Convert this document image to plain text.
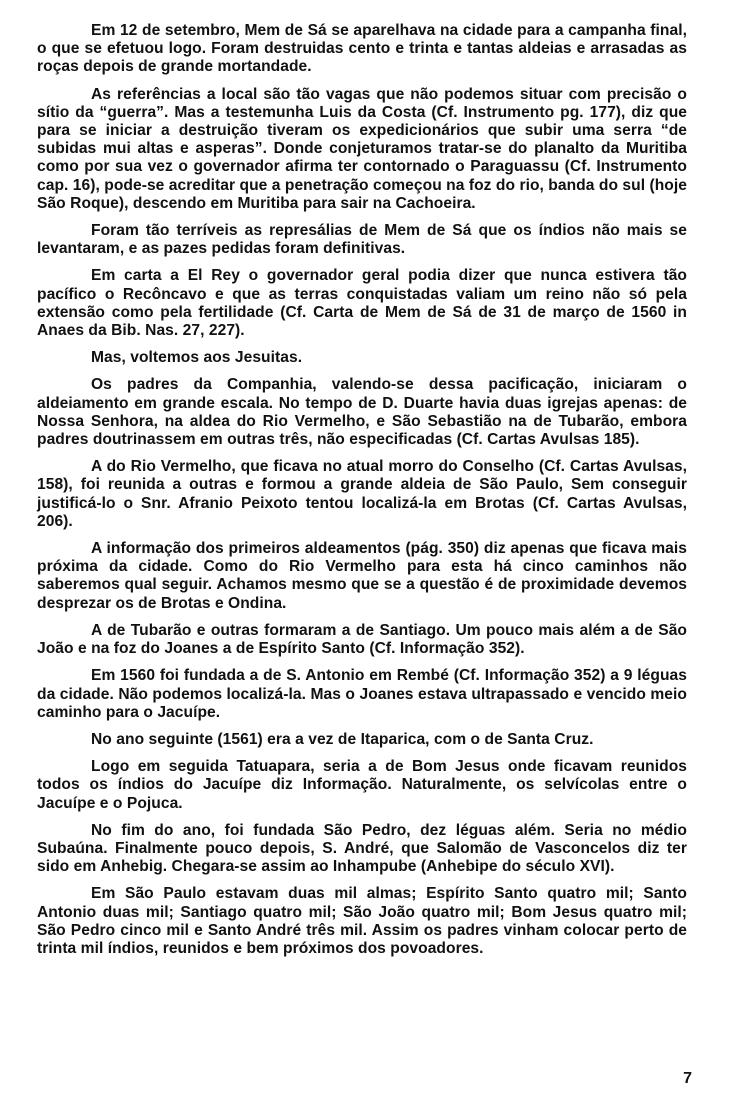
Em 12 de setembro, Mem de Sá se aparelhava na cidade para a campanha final, o que se efetuou logo. Foram destruidas cento e trinta e tantas aldeias e arrasadas as roças depois de grande mortandade.

As referências a local são tão vagas que não podemos situar com precisão o sítio da “guerra”. Mas a testemunha Luis da Costa (Cf. Instrumento pg. 177), diz que para se iniciar a destruição tiveram os expedicionários que subir uma serra “de subidas mui altas e asperas”. Donde conjeturamos tratar-se do planalto da Muritiba como por sua vez o governador afirma ter contornado o Paraguassu (Cf. Instrumento cap. 16), pode-se acreditar que a penetração começou na foz do rio, banda do sul (hoje São Roque), descendo em Muritiba para sair na Cachoeira.

Foram tão terríveis as represálias de Mem de Sá que os índios não mais se levantaram, e as pazes pedidas foram definitivas.

Em carta a El Rey o governador geral podia dizer que nunca estivera tão pacífico o Recôncavo e que as terras conquistadas valiam um reino não só pela extensão como pela fertilidade (Cf. Carta de Mem de Sá de 31 de março de 1560 in Anaes da Bib. Nas. 27, 227).

Mas, voltemos aos Jesuitas.

Os padres da Companhia, valendo-se dessa pacificação, iniciaram o aldeiamento em grande escala. No tempo de D. Duarte havia duas igrejas apenas: de Nossa Senhora, na aldea do Rio Vermelho, e São Sebastião na de Tubarão, embora padres doutrinassem em outras três, não especificadas (Cf. Cartas Avulsas 185).

A do Rio Vermelho, que ficava no atual morro do Conselho (Cf. Cartas Avulsas, 158), foi reunida a outras e formou a grande aldeia de São Paulo, Sem conseguir justificá-lo o Snr. Afranio Peixoto tentou localizá-la em Brotas (Cf. Cartas Avulsas, 206).

A informação dos primeiros aldeamentos (pág. 350) diz apenas que ficava mais próxima da cidade. Como do Rio Vermelho para esta há cinco caminhos não saberemos qual seguir. Achamos mesmo que se a questão é de proximidade devemos desprezar os de Brotas e Ondina.

A de Tubarão e outras formaram a de Santiago. Um pouco mais além a de São João e na foz do Joanes a de Espírito Santo (Cf. Informação 352).

Em 1560 foi fundada a de S. Antonio em Rembé (Cf. Informação 352) a 9 léguas da cidade. Não podemos localizá-la. Mas o Joanes estava ultrapassado e vencido meio caminho para o Jacuípe.

No ano seguinte (1561) era a vez de Itaparica, com o de Santa Cruz.

Logo em seguida Tatuapara, seria a de Bom Jesus onde ficavam reunidos todos os índios do Jacuípe diz Informação. Naturalmente, os selvícolas entre o Jacuípe e o Pojuca.

No fim do ano, foi fundada São Pedro, dez léguas além. Seria no médio Subaúna. Finalmente pouco depois, S. André, que Salomão de Vasconcelos diz ter sido em Anhebig. Chegara-se assim ao Inhampube (Anhebipe do século XVI).

Em São Paulo estavam duas mil almas; Espírito Santo quatro mil; Santo Antonio duas mil; Santiago quatro mil; São João quatro mil; Bom Jesus quatro mil; São Pedro cinco mil e Santo André três mil. Assim os padres vinham colocar perto de trinta mil índios, reunidos e bem próximos dos povoadores.

7
